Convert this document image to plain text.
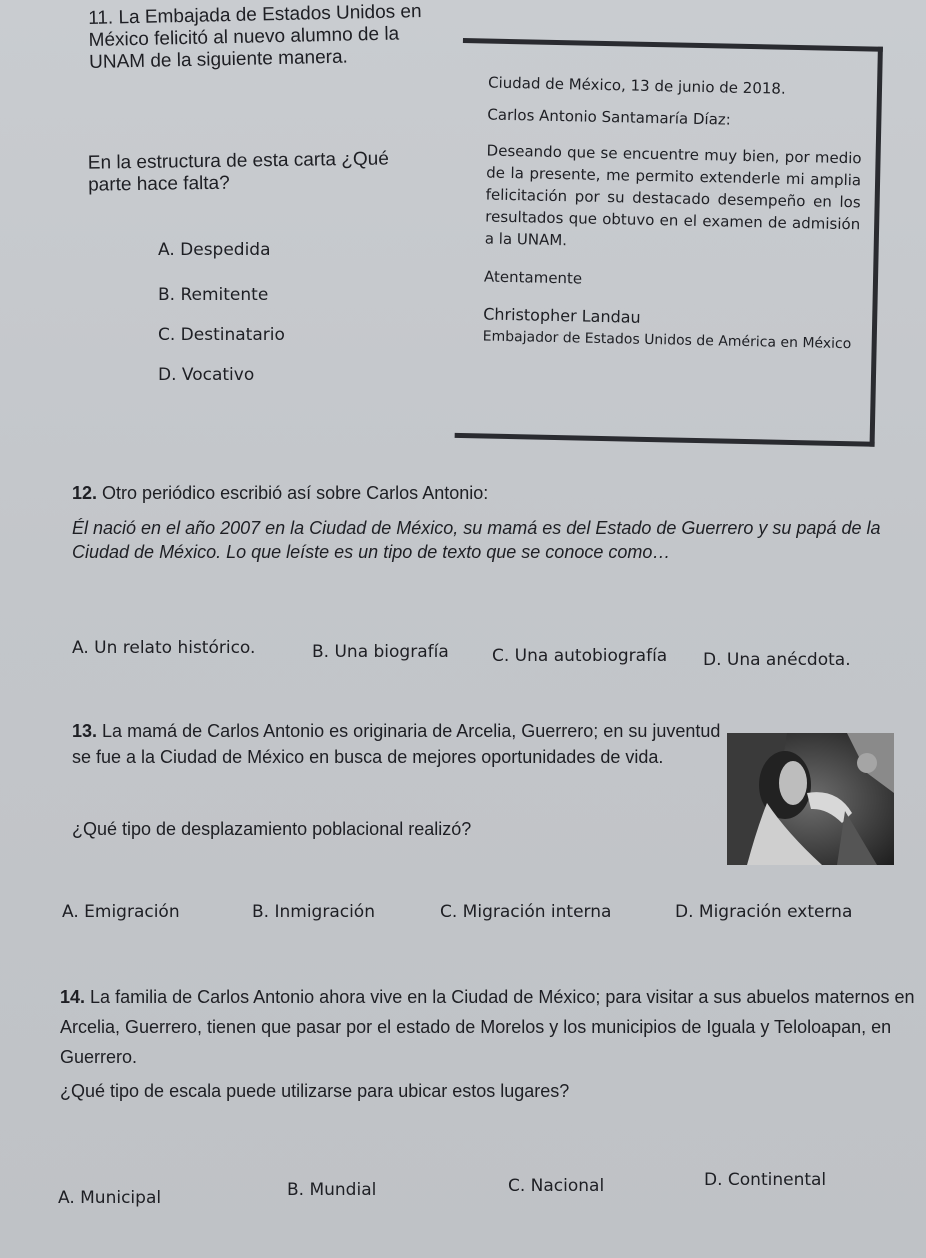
11. La Embajada de Estados Unidos en
México felicitó al nuevo alumno de la
UNAM de la siguiente manera.
En la estructura de esta carta ¿Qué
parte hace falta?
A. Despedida
B. Remitente
C. Destinatario
D. Vocativo

Ciudad de México, 13 de junio de 2018.

Carlos Antonio Santamaría Díaz:

Deseando que se encuentre muy bien, por medio de la presente, me permito extenderle mi amplia felicitación por su destacado desempeño en los resultados que obtuvo en el examen de admisión a la UNAM.

Atentamente

Christopher Landau

Embajador de Estados Unidos de América en México

12. Otro periódico escribió así sobre Carlos Antonio:
Él nació en el año 2007 en la Ciudad de México, su mamá es del Estado de Guerrero y su papá de la Ciudad de México. Lo que leíste es un tipo de texto que se conoce como…
A. Un relato histórico.	B. Una biografía	C. Una autobiografía D. Una anécdota.
13. La mamá de Carlos Antonio es originaria de Arcelia, Guerrero; en su juventud se fue a la Ciudad de México en busca de mejores oportunidades de vida.
¿Qué tipo de desplazamiento poblacional realizó?
A. Emigración	B. Inmigración	C. Migración interna	D. Migración externa
14. La familia de Carlos Antonio ahora vive en la Ciudad de México; para visitar a sus abuelos maternos en Arcelia, Guerrero, tienen que pasar por el estado de Morelos y los municipios de Iguala y Teloloapan, en Guerrero.
¿Qué tipo de escala puede utilizarse para ubicar estos lugares?
A. Municipal	B. Mundial	C. Nacional	D. Continental
